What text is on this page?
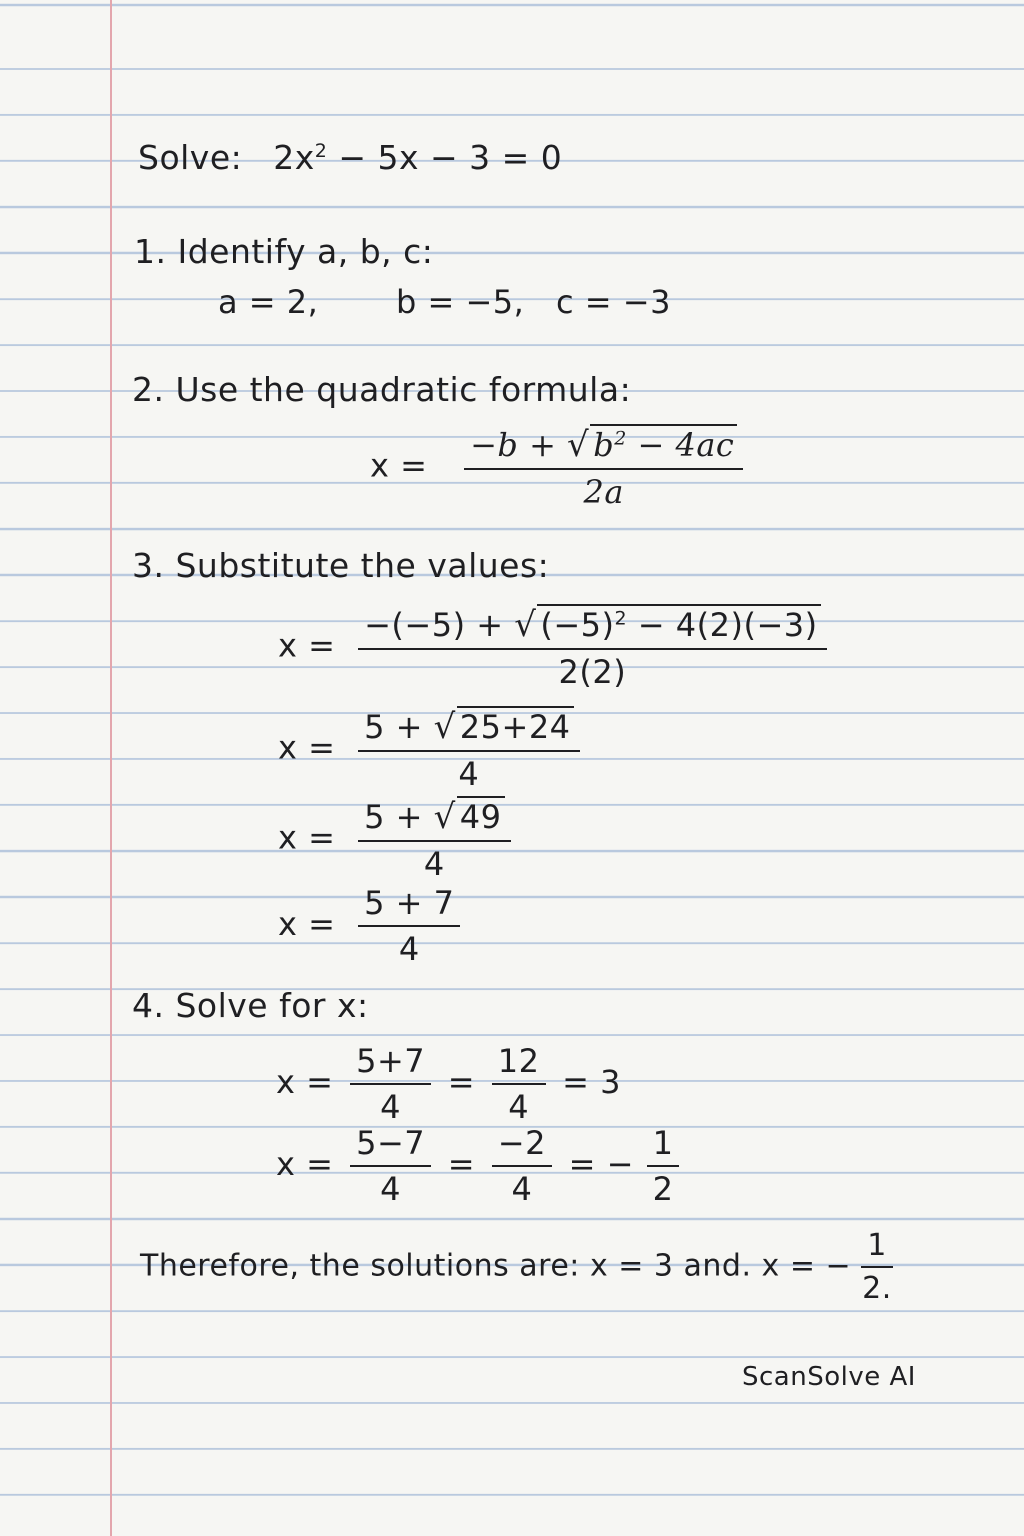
Solve: $2x^2 - 5x - 3 = 0$
1. Identify a, b, c:
a = 2, b = −5, c = −3
2. Use the quadratic formula:
$x = \frac{-b + √ b^2 - 4ac}{2a}$
3. Substitute the values:
$x = \frac{-(-5) + √ (-5)^2 - 4(2)(-3)}{2(2)}$
$x = \frac{5 + √ 25+24}{4}$
$x = \frac{5 + √ 49}{4}$
$x = \frac{5 + 7}{4}$
4. Solve for x:
$x = \frac{5+7}{4} = \frac{12}{4} = 3$
$x = \frac{5-7}{4} = \frac{-2}{4}$ = − $\frac{1}{2}$
Therefore, the solutions are: x = 3 and. x = − $\frac{1}{2.}$
ScanSolve AI
